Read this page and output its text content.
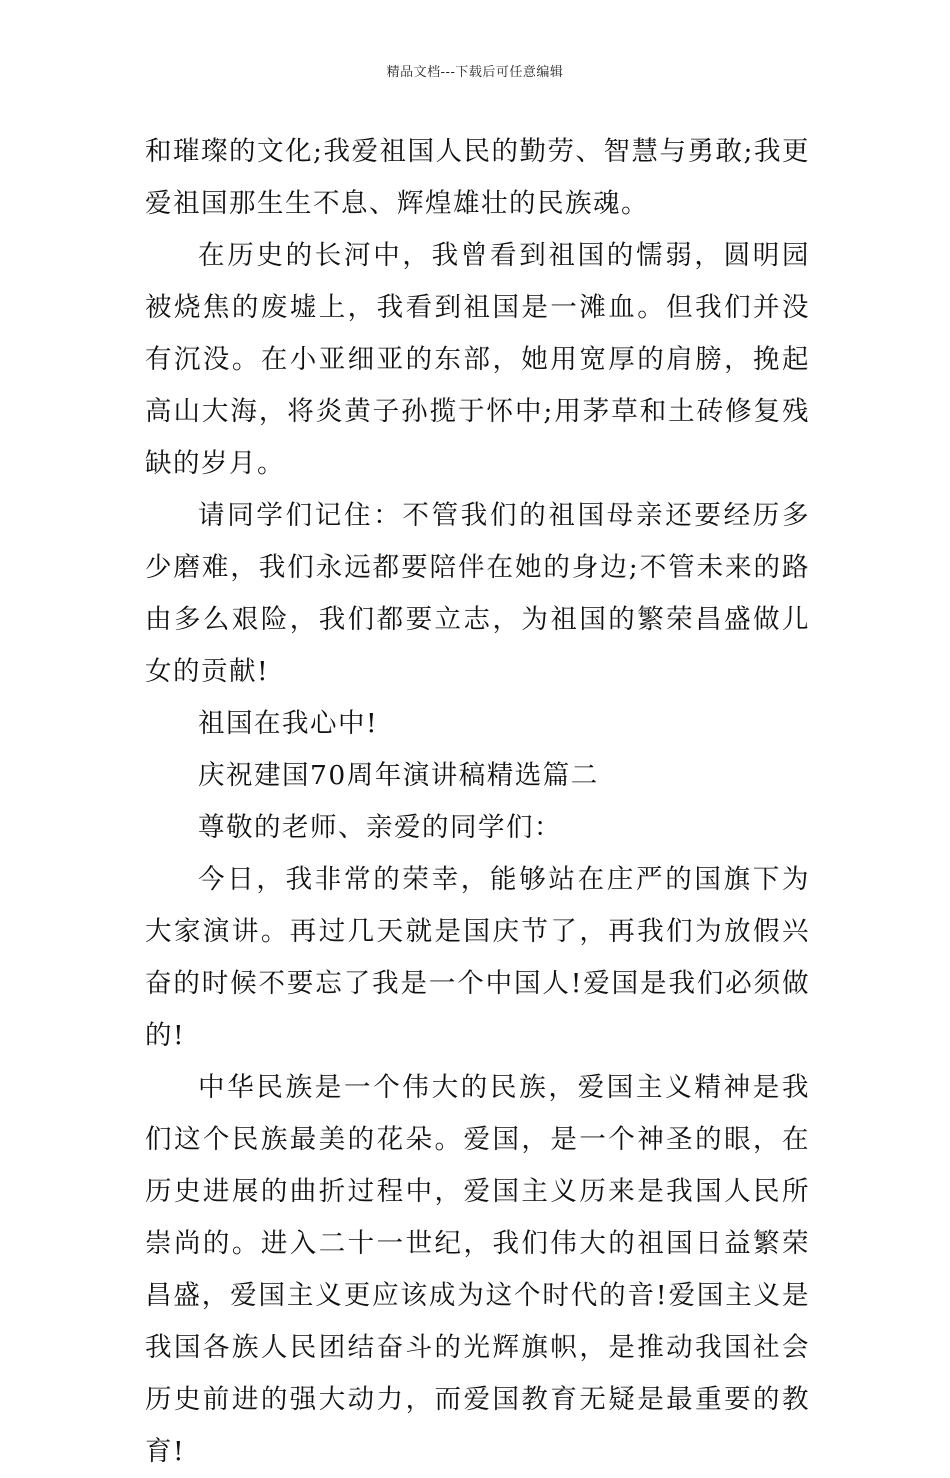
精品文档---下载后可任意编辑

和璀璨的文化;我爱祖国人民的勤劳、智慧与勇敢;我更爱祖国那生生不息、辉煌雄壮的民族魂。

在历史的长河中，我曾看到祖国的懦弱，圆明园被烧焦的废墟上，我看到祖国是一滩血。但我们并没有沉没。在小亚细亚的东部，她用宽厚的肩膀，挽起高山大海，将炎黄子孙揽于怀中;用茅草和土砖修复残缺的岁月。

请同学们记住：不管我们的祖国母亲还要经历多少磨难，我们永远都要陪伴在她的身边;不管未来的路由多么艰险，我们都要立志，为祖国的繁荣昌盛做儿女的贡献!

祖国在我心中!

庆祝建国70周年演讲稿精选篇二

尊敬的老师、亲爱的同学们：

今日，我非常的荣幸，能够站在庄严的国旗下为大家演讲。再过几天就是国庆节了，再我们为放假兴奋的时候不要忘了我是一个中国人!爱国是我们必须做的!

中华民族是一个伟大的民族，爱国主义精神是我们这个民族最美的花朵。爱国，是一个神圣的眼，在历史进展的曲折过程中，爱国主义历来是我国人民所崇尚的。进入二十一世纪，我们伟大的祖国日益繁荣昌盛，爱国主义更应该成为这个时代的音!爱国主义是我国各族人民团结奋斗的光辉旗帜，是推动我国社会历史前进的强大动力，而爱国教育无疑是最重要的教育!
